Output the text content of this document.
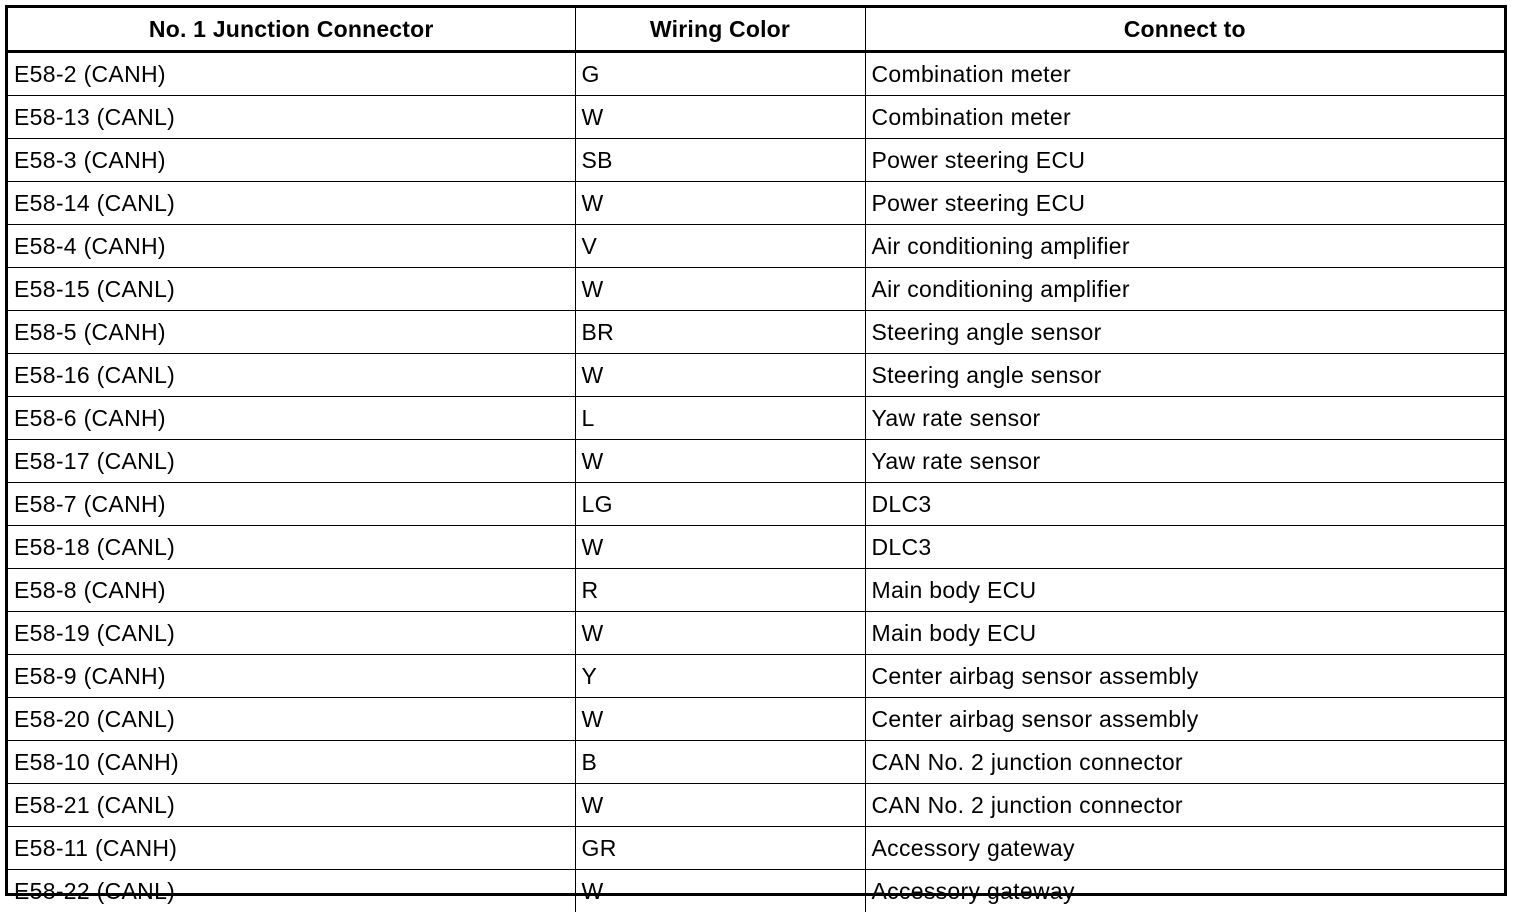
No. 1 Junction Connector	Wiring Color	Connect to
E58-2 (CANH)	G	Combination meter
E58-13 (CANL)	W	Combination meter
E58-3 (CANH)	SB	Power steering ECU
E58-14 (CANL)	W	Power steering ECU
E58-4 (CANH)	V	Air conditioning amplifier
E58-15 (CANL)	W	Air conditioning amplifier
E58-5 (CANH)	BR	Steering angle sensor
E58-16 (CANL)	W	Steering angle sensor
E58-6 (CANH)	L	Yaw rate sensor
E58-17 (CANL)	W	Yaw rate sensor
E58-7 (CANH)	LG	DLC3
E58-18 (CANL)	W	DLC3
E58-8 (CANH)	R	Main body ECU
E58-19 (CANL)	W	Main body ECU
E58-9 (CANH)	Y	Center airbag sensor assembly
E58-20 (CANL)	W	Center airbag sensor assembly
E58-10 (CANH)	B	CAN No. 2 junction connector
E58-21 (CANL)	W	CAN No. 2 junction connector
E58-11 (CANH)	GR	Accessory gateway
E58-22 (CANL)	W	Accessory gateway
